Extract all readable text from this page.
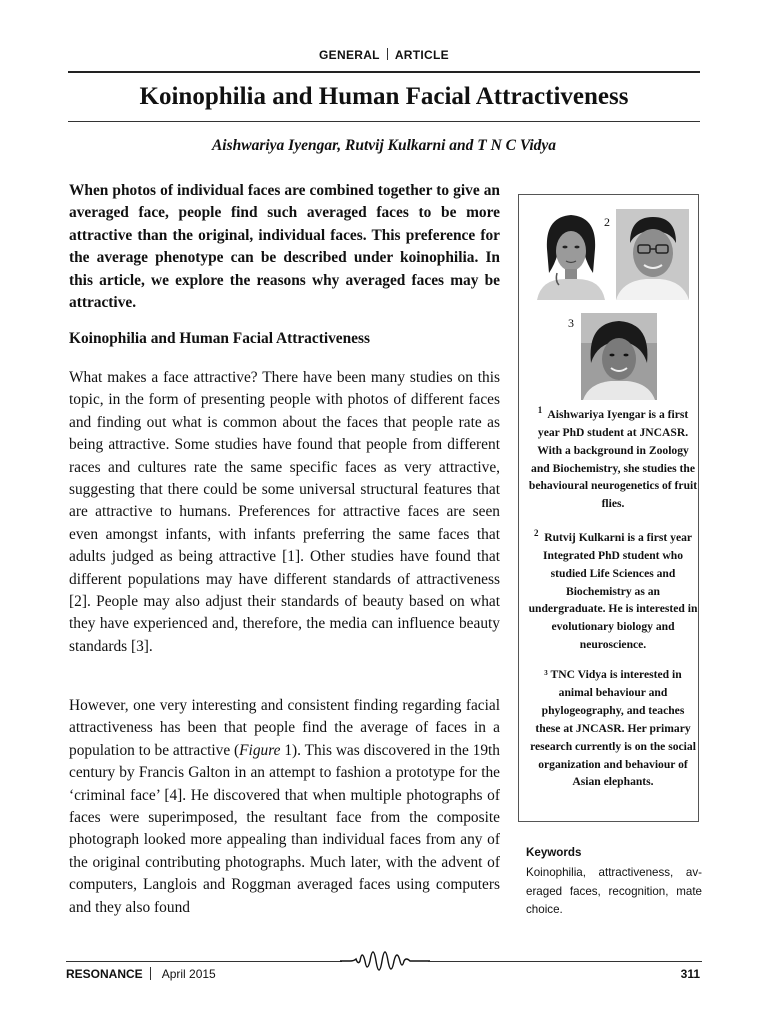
GENERAL ARTICLE
Koinophilia and Human Facial Attractiveness
Aishwariya Iyengar, Rutvij Kulkarni and T N C Vidya
When photos of individual faces are combined together to give an averaged face, people find such averaged faces to be more attractive than the original, individual faces. This preference for the average phenotype can be described under koinophilia. In this article, we explore the reasons why averaged faces may be attractive.
Koinophilia and Human Facial Attractiveness

What makes a face attractive? There have been many studies on this topic, in the form of presenting people with photos of different faces and finding out what is common about the faces that people rate as being attractive. Some studies have found that people from different races and cultures rate the same specific faces as very attractive, suggesting that there could be some universal structural features that are attractive to humans. Preferences for attractive faces are seen even amongst infants, with infants preferring the same faces that adults judged as being attractive [1]. Other studies have found that different populations may have different standards of attractiveness [2]. People may also adjust their standards of beauty based on what they have experienced and, therefore, the media can influence beauty standards [3].

However, one very interesting and consistent finding regarding facial attractiveness has been that people find the average of faces in a population to be attractive (Figure 1). This was discovered in the 19th century by Francis Galton in an attempt to fashion a prototype for the ‘criminal face’ [4]. He discovered that when multiple photographs of faces were superimposed, the resultant face from the composite photograph looked more appealing than individual faces from any of the original contributing photographs. Much later, with the advent of computers, Langlois and Roggman averaged faces using computers and they also found

2
3
$^1$ Aishwariya Iyengar is a first year PhD student at JNCASR. With a background in Zoology and Biochemistry, she studies the behavioural neurogenetics of fruit flies.
$^2$ Rutvij Kulkarni is a first year Integrated PhD student who studied Life Sciences and Biochemistry as an undergraduate. He is interested in evolutionary biology and neuroscience.
³ TNC Vidya is interested in animal behaviour and phylogeography, and teaches these at JNCASR. Her primary research currently is on the social organization and behaviour of Asian elephants.
Keywords
Koinophilia, attractiveness, averaged faces, recognition, mate choice.
RESONANCE April 2015	311
